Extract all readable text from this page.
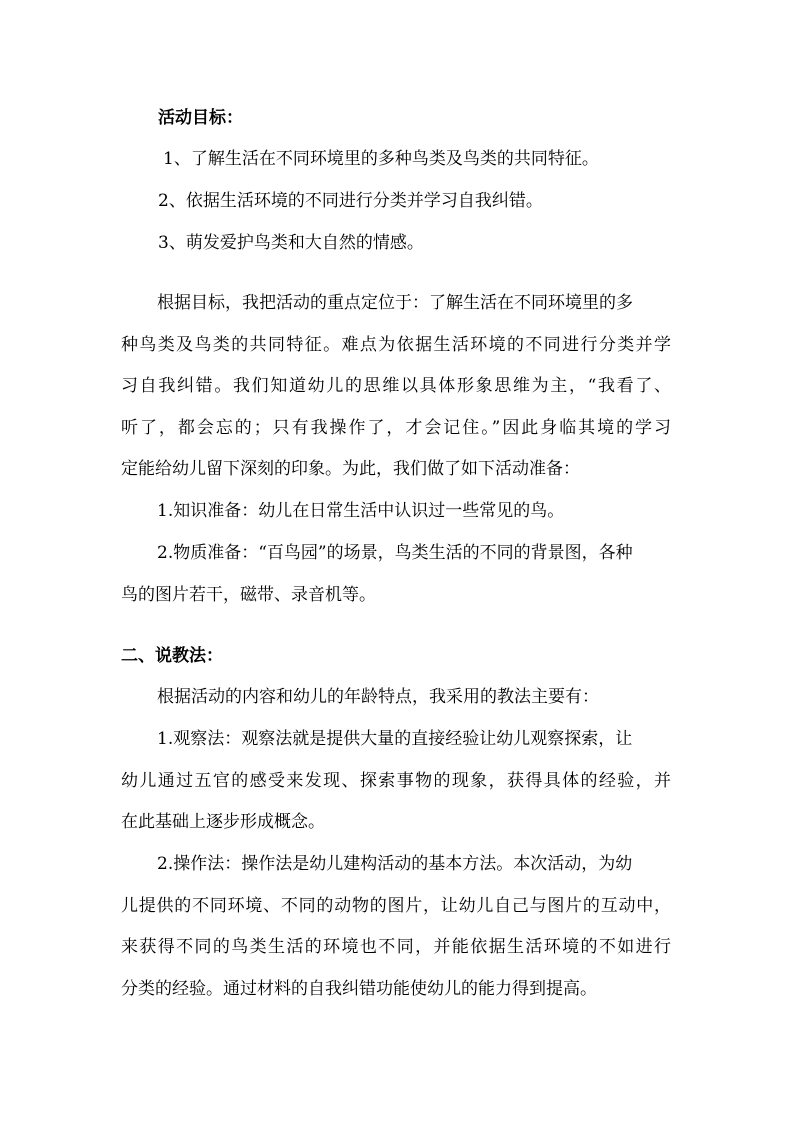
活动目标：
1、了解生活在不同环境里的多种鸟类及鸟类的共同特征。
2、依据生活环境的不同进行分类并学习自我纠错。
3、萌发爱护鸟类和大自然的情感。
根据目标，我把活动的重点定位于：了解生活在不同环境里的多
种鸟类及鸟类的共同特征。难点为依据生活环境的不同进行分类并学
习自我纠错。我们知道幼儿的思维以具体形象思维为主，“我看了、
听了，都会忘的；只有我操作了，才会记住。”因此身临其境的学习
定能给幼儿留下深刻的印象。为此，我们做了如下活动准备：
1.知识准备：幼儿在日常生活中认识过一些常见的鸟。
2.物质准备：“百鸟园”的场景，鸟类生活的不同的背景图，各种
鸟的图片若干，磁带、录音机等。
二、说教法：
根据活动的内容和幼儿的年龄特点，我采用的教法主要有：
1.观察法：观察法就是提供大量的直接经验让幼儿观察探索，让
幼儿通过五官的感受来发现、探索事物的现象，获得具体的经验，并
在此基础上逐步形成概念。
2.操作法：操作法是幼儿建构活动的基本方法。本次活动，为幼
儿提供的不同环境、不同的动物的图片，让幼儿自己与图片的互动中，
来获得不同的鸟类生活的环境也不同，并能依据生活环境的不如进行
分类的经验。通过材料的自我纠错功能使幼儿的能力得到提高。
